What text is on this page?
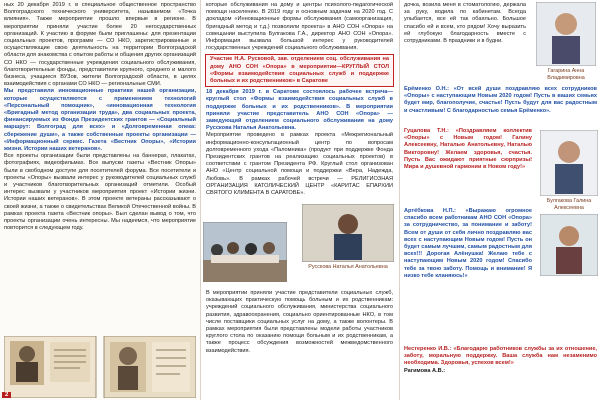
ных 20 декабря 2019 г. в специальное общественное пространство Волгоградского технического университета, называемом «Точка влияния». Также мероприятие прошло впервые в регионе. В мероприятии приняли участие более 20 негосударственных организаций. К участию в форуме были приглашены: для презентации социальных проектов, программ — СО НКО, зарегистрированные и осуществляющие свою деятельность на территории Волгоградской области для знакомства с опытом работы и общения других организаций СО НКО — государственные учреждения социального обслуживания, благотворительные фонды, представители крупного, среднего и малого бизнеса, учащиеся ВУЗов, жители Волгоградской области, в целях взаимодействия с органами СО НКО — региональные СМИ.

Мы представили инновационные практики нашей организации, которые осуществляются с применением технологий «Персональный помощник», «инновационная технология «Бригадный метод организации труда», два социальных проекта, финансируемых из Фонда Президентских грантов — «Социальный маршрут: Волгоград для всех» и «Долговременная опека: сбережение души», а также собственные проекты организации — «Информационный сервис. Газета «Вестник Опоры», «Истории жизни. Истории наших ветеранов».

Все проекты организации были представлены на баннерах, плакатах, фотографиях, видеофильмах. Все выпуски газеты «Вестник Опоры» были в свободном доступе для посетителей форума. Все посетители и проекты «Опоры» вызвали интерес у руководителей социальных служб и участников благотворительных организаций отметили. Особый интерес вызвали у участников мероприятия проект «Истории жизни. Истории наших ветеранов». В этом проекте ветераны рассказывают о своей жизни, а также о свидетельствах Великой Отечественной войны. В рамках проекта газета «Вестник опоры». Был сделан вывод о том, что проекты организации очень интересны. Мы надеемся, что мероприятие повторится в следующем году.

2

которые обслуживания на дому и центры психолого-педагогической помощи населению. В 2019 году и основным задачам на 2020 год. С докладом «Инновационные формы обслуживания (самоорганизация, бригадный метод и т.д.) позволили проекта» в АНО СОН «Опора» на совещании выступила Булгакова Г.А., директор АНО СОН «Опора». Информация вызвала большой интерес у руководителей государственных учреждений социального обслуживания.

Участие Н.А. Русковой, зав. отделением соц. обслуживания на дому АНО СОН «Опора» в мероприятии—КРУГЛЫЙ СТОЛ «Формы взаимодействия социальных служб и поддержке больных и их родственников» в Саратове

18 декабря 2019 г. в Саратове состоялось рабочее встреча—круглый стол «Формы взаимодействия социальных служб в поддержке больных и их родственников». В мероприятии приняли участие представитель АНО СОН «Опора» — заведующий отделением социального обслуживания на дому Русскова Наталья Анатольевна.

Мероприятие проведено в рамках проекта «Межрегиональный информационно-консультационный центр по вопросам долговременного ухода «Паломника» (продукт при поддержке Фонда Президентских грантов на реализацию социальных проектов) в соответствии с грантом Президента РФ. Круглый стол организован АНО «Центр социальной помощи и поддержки «Вера, Надежда, Любовь». В рамках рабочей встречи — РЕЛИГИОЗНАЯ ОРГАНИЗАЦИЯ КАТОЛИЧЕСКИЙ ЦЕНТР «КАРИТАС ЕПАРХИИ СВЯТОГО КЛИМЕНТА В САРАТОВЕ».

Русскова Наталья Анатольевна

В мероприятии приняли участие представители социальных служб, оказывающих практическую помощь больным и их родственникам: учреждений социального обслуживания, министерства социального развития, здравоохранения, социально ориентированные НКО, в том числе поставщики социальных услуг на дому, а также волонтеры. В рамках мероприятия были представлены модели работы участников круглого стола по оказанию помощи больным и их родственникам, а также процесс обсуждения возможностей межведомственного взаимодействия.

дочка, возила меня в стоматологию, держала за руку, водила по кабинетам. Всегда улыбается, все ей так обаяльно. Большое спасибо ей и всем, кто рядом! Хочу выразить ей глубокую благодарность вместе с сотрудниками. В праздники и в будни.

Гагарина Анна Владимировна

Ерёменко О.Н.: «От всей души поздравляю всех сотрудников «Опоры» с наступающим Новым 2020 годом! Пусть в ваших семьях будет мир, благополучие, счастье! Пусть будут для вас радостным и счастливым! С благодарностью семья Ерёменко».

Гуцалова Т.Н.: «Поздравляем коллектив «Опоры» с Новым годом! Галину Алексеевну, Наталью Анатольевну, Наталью Викторовну! Желаем здоровья, счастья. Пусть Вас ожидают приятные сюрпризы! Мира и душевной гармонии в Новом году!»

Булгакова Галина Алексеевна

Артёбкова Н.П.: «Выражаю огромное спасибо всем работникам АНО СОН «Опора» за сотрудничество, за понимание и заботу! Всем от души от себя лично поздравляю вас всех с наступающим Новым годом! Пусть он будет самым лучшим, самым радостным для всех!!! Дорогая Алёнушка! Желаю тебе с наступающим Новым 2020 годом! Спасибо тебе за твою заботу. Помощь и внимание! Я низко тебе кланяюсь!»

Нестеренко И.В.: «Благодарю работников службы за их отношение, заботу, моральную поддержку. Ваша служба нам незаменимо необходима. Здоровья, успехов всем!»

Рагимова А.В.:
